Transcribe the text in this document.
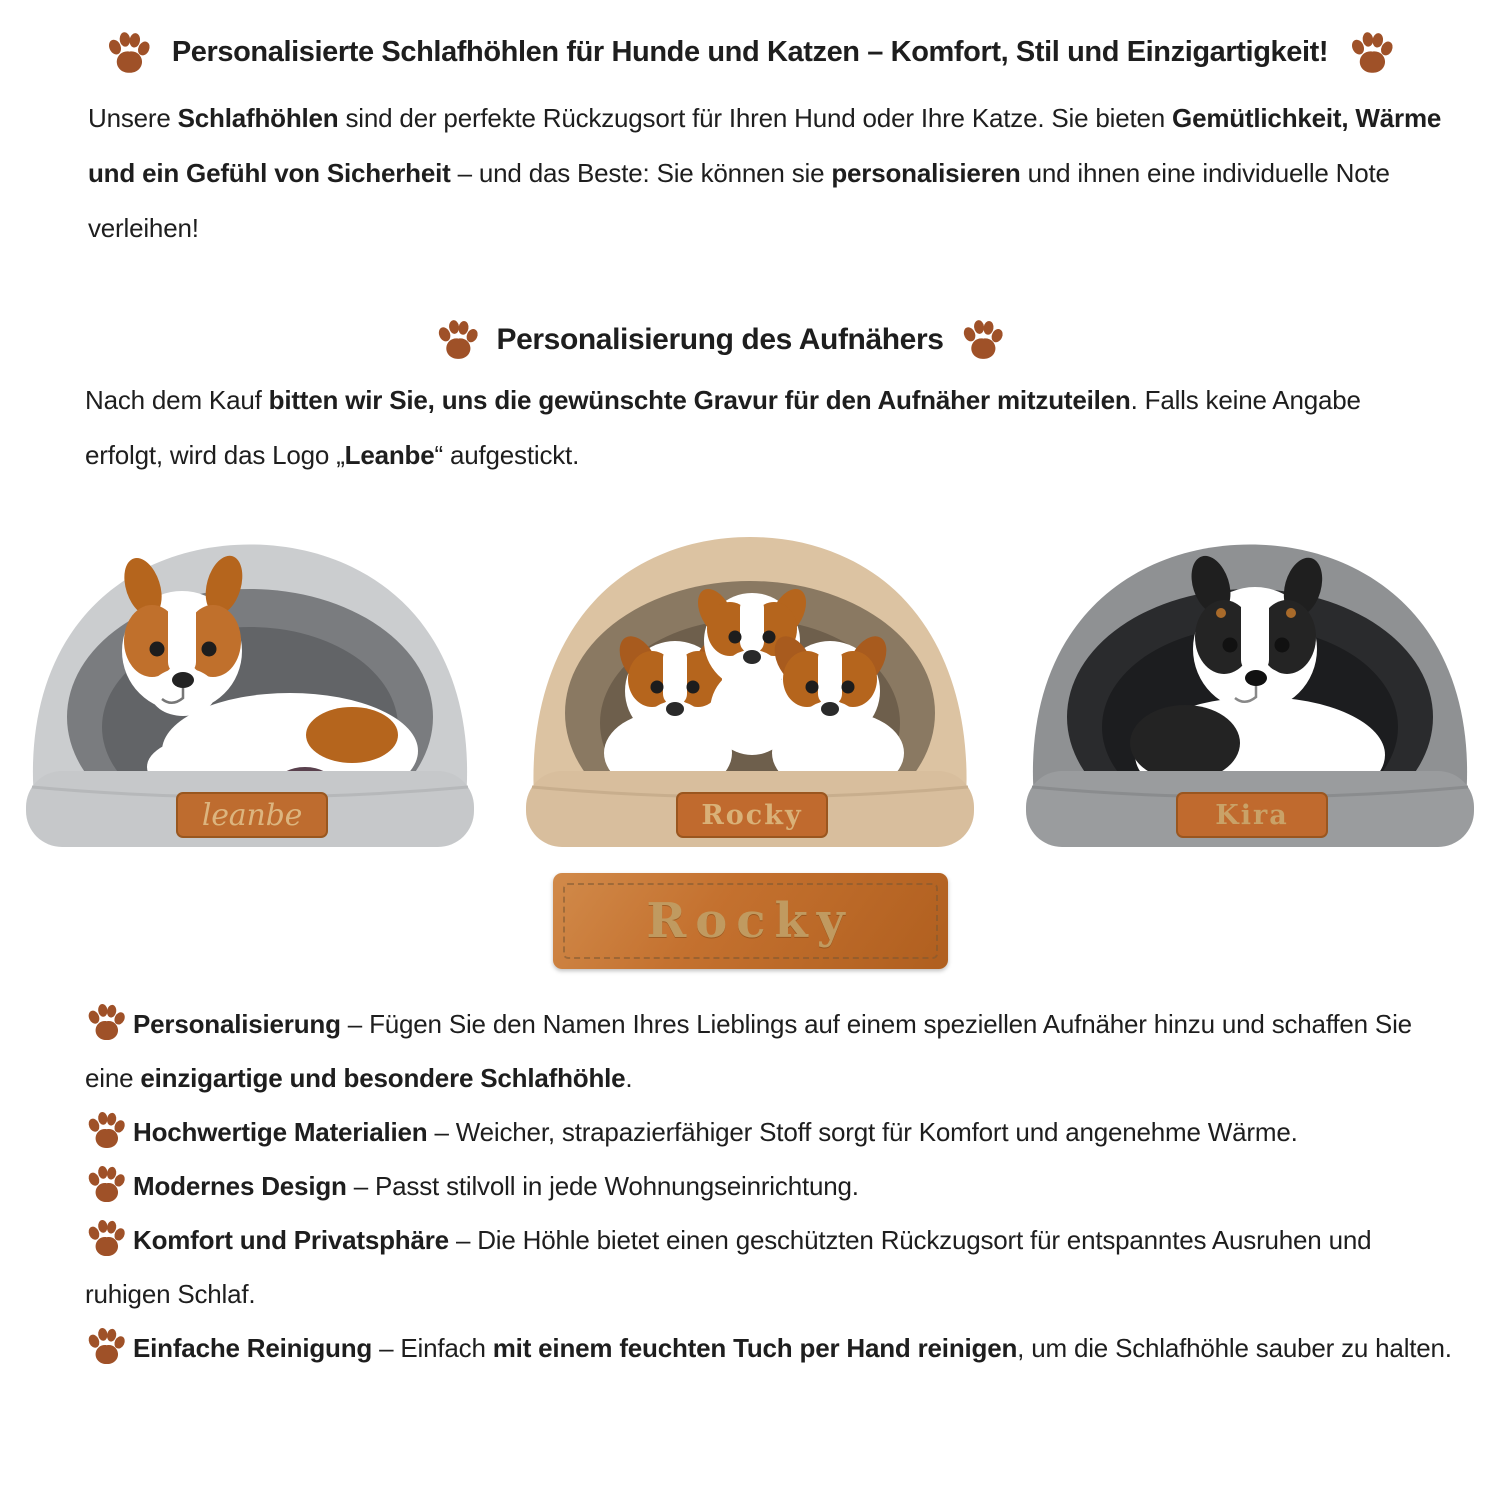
Personalisierte Schlafhöhlen für Hunde und Katzen – Komfort, Stil und Einzigartigkeit!

Unsere Schlafhöhlen sind der perfekte Rückzugsort für Ihren Hund oder Ihre Katze. Sie bieten Gemütlichkeit, Wärme und ein Gefühl von Sicherheit – und das Beste: Sie können sie personalisieren und ihnen eine individuelle Note verleihen!

Personalisierung des Aufnähers

Nach dem Kauf bitten wir Sie, uns die gewünschte Gravur für den Aufnäher mitzuteilen. Falls keine Angabe erfolgt, wird das Logo „Leanbe“ aufgestickt.

leanbe	Rocky	Kira
Rocky

Personalisierung – Fügen Sie den Namen Ihres Lieblings auf einem speziellen Aufnäher hinzu und schaffen Sie eine einzigartige und besondere Schlafhöhle.

Hochwertige Materialien – Weicher, strapazierfähiger Stoff sorgt für Komfort und angenehme Wärme.

Modernes Design – Passt stilvoll in jede Wohnungseinrichtung.

Komfort und Privatsphäre – Die Höhle bietet einen geschützten Rückzugsort für entspanntes Ausruhen und ruhigen Schlaf.

Einfache Reinigung – Einfach mit einem feuchten Tuch per Hand reinigen, um die Schlafhöhle sauber zu halten.
